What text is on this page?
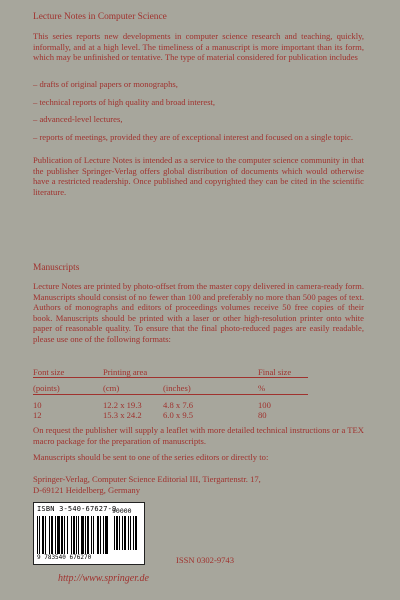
Lecture Notes in Computer Science

This series reports new developments in computer science research and teaching, quickly, informally, and at a high level. The timeliness of a manuscript is more important than its form, which may be unfinished or tentative. The type of material considered for publication includes

– drafts of original papers or monographs,
– technical reports of high quality and broad interest,
– advanced-level lectures,
– reports of meetings, provided they are of exceptional interest and focused on a single topic.

Publication of Lecture Notes is intended as a service to the computer science community in that the publisher Springer-Verlag offers global distribution of documents which would otherwise have a restricted readership. Once published and copyrighted they can be cited in the scientific literature.

Manuscripts

Lecture Notes are printed by photo-offset from the master copy delivered in camera-ready form. Manuscripts should consist of no fewer than 100 and preferably no more than 500 pages of text. Authors of monographs and editors of proceedings volumes receive 50 free copies of their book. Manuscripts should be printed with a laser or other high-resolution printer onto white paper of reasonable quality. To ensure that the final photo-reduced pages are easily readable, please use one of the following formats:

Font size	Printing area		Final size

(points)	(cm)	(inches)	%

10	12.2 x 19.3	4.8 x 7.6	100
12	15.3 x 24.2	6.0 x 9.5	80

On request the publisher will supply a leaflet with more detailed technical instructions or a TEX macro package for the preparation of manuscripts.

Manuscripts should be sent to one of the series editors or directly to:

Springer-Verlag, Computer Science Editorial III, Tiergartenstr. 17,
D-69121 Heidelberg, Germany

ISBN 3-540-67627-9
90000
9 783540 676270	ISSN 0302-9743

http://www.springer.de
